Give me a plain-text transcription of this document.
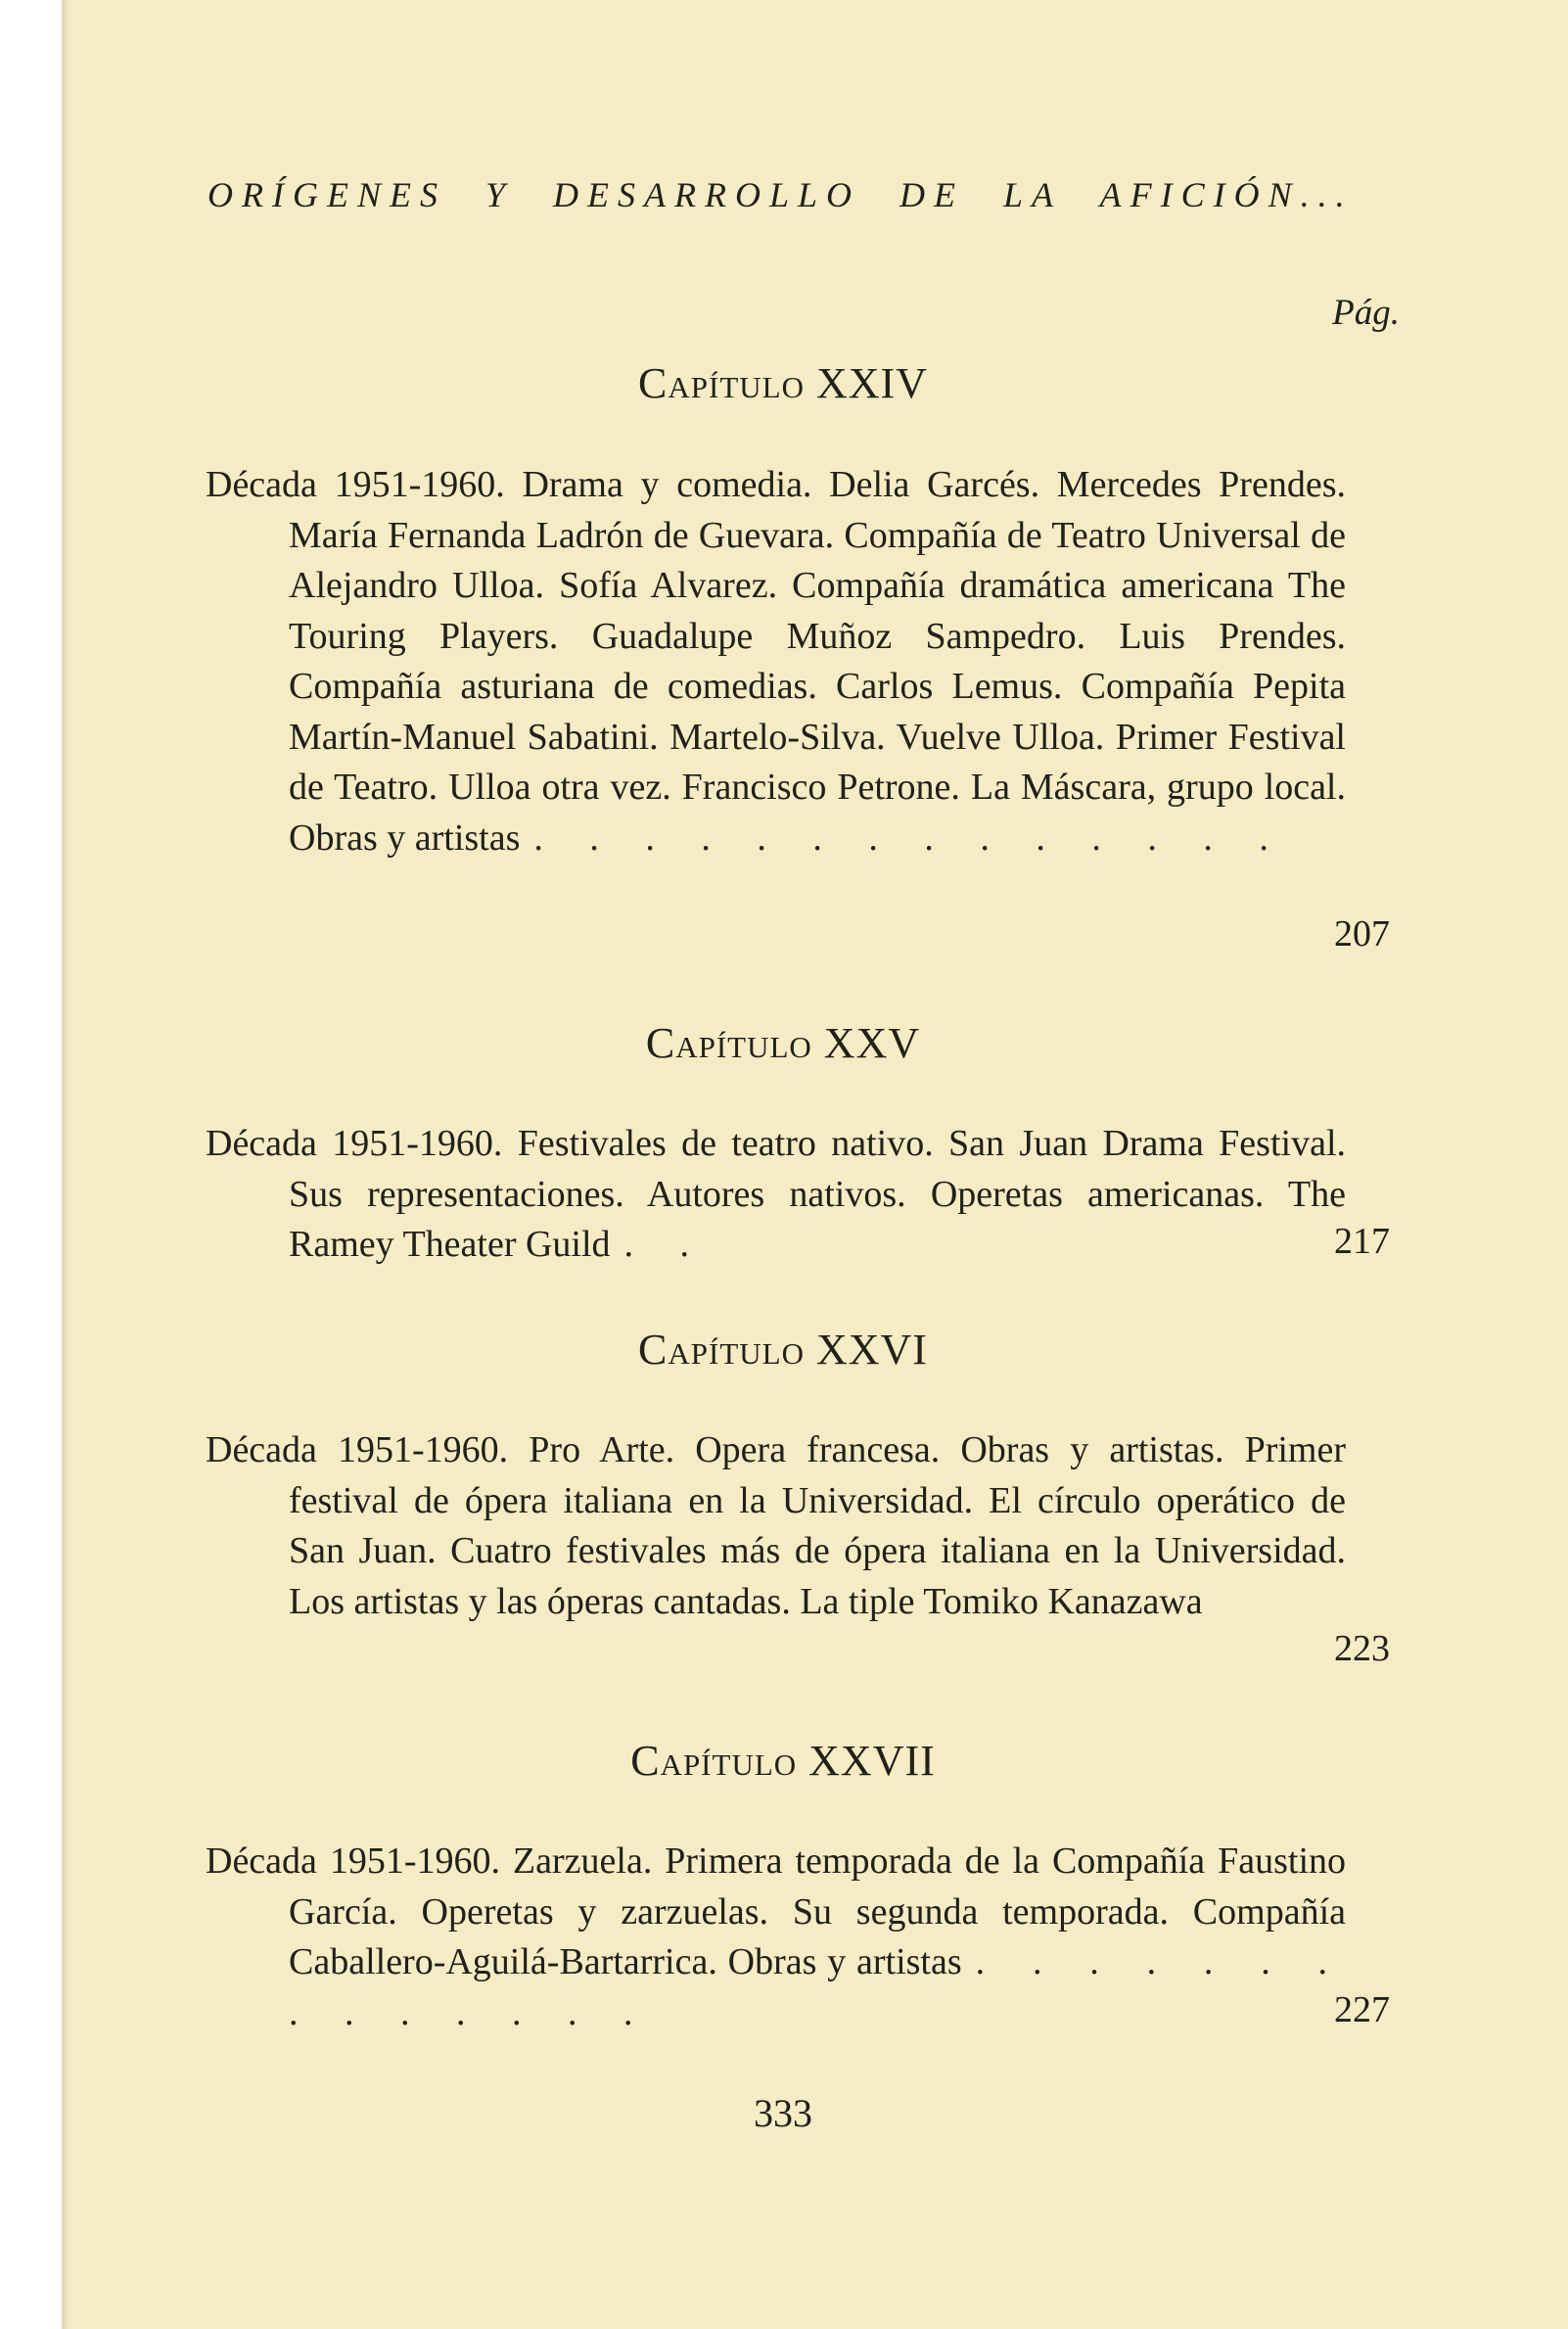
ORÍGENES Y DESARROLLO DE LA AFICIÓN...
Pág.
Capítulo XXIV
Década 1951-1960. Drama y comedia. Delia Garcés. Mercedes Prendes. María Fernanda Ladrón de Guevara. Compañía de Teatro Universal de Alejandro Ulloa. Sofía Alvarez. Compañía dramática americana The Touring Players. Guadalupe Muñoz Sampedro. Luis Prendes. Compañía asturiana de comedias. Carlos Lemus. Compañía Pepita Martín-Manuel Sabatini. Martelo-Silva. Vuelve Ulloa. Primer Festival de Teatro. Ulloa otra vez. Francisco Petrone. La Máscara, grupo local. Obras y artistas . . . . . . . . . . . . . .
207
Capítulo XXV
Década 1951-1960. Festivales de teatro nativo. San Juan Drama Festival. Sus representaciones. Autores nativos. Operetas americanas. The Ramey Theater Guild . .	217
Capítulo XXVI
Década 1951-1960. Pro Arte. Opera francesa. Obras y artistas. Primer festival de ópera italiana en la Universidad. El círculo operático de San Juan. Cuatro festivales más de ópera italiana en la Universidad. Los artistas y las óperas cantadas. La tiple Tomiko Kanazawa
223
Capítulo XXVII
Década 1951-1960. Zarzuela. Primera temporada de la Compañía Faustino García. Operetas y zarzuelas. Su segunda temporada. Compañía Caballero-Aguilá-Bartarrica. Obras y artistas . . . . . . . . . . . . . .	227
333
